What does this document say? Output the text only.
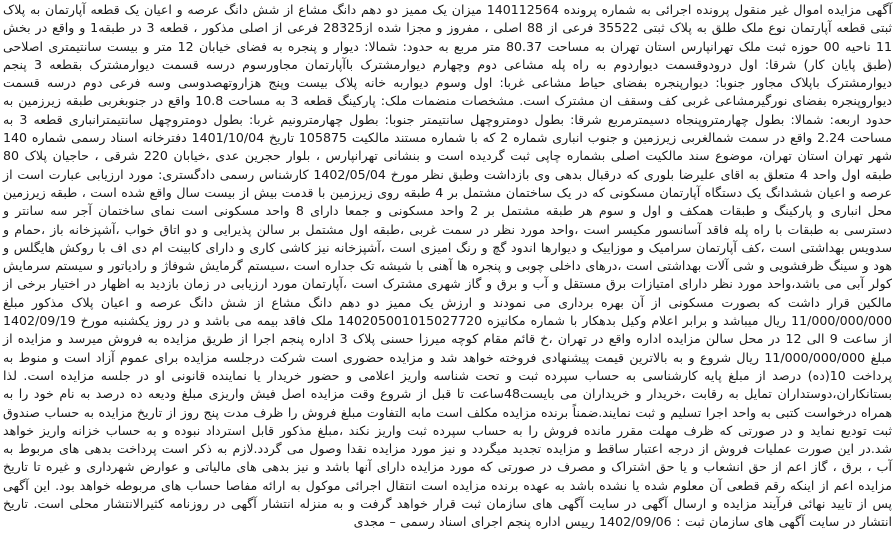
آگهی مزایده اموال غیر منقول پرونده اجرائی به شماره پرونده 140112564 میزان یک ممیز دو دهم دانگ مشاع از شش دانگ عرصه و اعیان یک قطعه آپارتمان به پلاک ثبتی قطعه آپارتمان نوع ملک طلق به پلاک ثبتی 35522 فرعی از 88 اصلی ، مفروز و مجزا شده از28325 فرعی از اصلی مذکور ، قطعه 3 در طبقه1 و واقع در بخش 11 ناحیه 00 حوزه ثبت ملک تهرانپارس استان تهران به مساحت 80.37 متر مربع به حدود: شمالا: دیوار و پنجره به فضای خیابان 12 متر و بیست سانتیمتری اصلاحی (طبق پایان کار) شرقا: اول درودوقسمت دیواردوم به راه پله مشاعی دوم وچهارم دیوارمشترک باآپارتمان مجاورسوم درسه قسمت دیوارمشترک بقطعه 3 پنجم دیوارمشترک باپلاک مجاور جنوبا: دیوارپنجره بفضای حیاط مشاعی غربا: اول وسوم دیواربه خانه پلاک بیست وپنج هزاروتهصدوسی وسه فرعی دوم درسه قسمت دیواروپنجره بفضای نورگیرمشاعی غربی کف وسقف ان مشترک است. مشخصات منضمات ملک: پارکینگ قطعه 3 به مساحت 10.8 واقع در جنوبغربی طبقه زیرزمین به حدود اربعه: شمالا: بطول چهارمتروپنجاه دسیمترمربع شرقا: بطول دومتروچهل سانتیمتر جنوبا: بطول چهارمترونیم غربا: بطول دومتروچهل سانتیمترانباری قطعه 3 به مساحت 2.24 واقع در سمت شمالغربی زیرزمین و جنوب انباری شماره 2 که با شماره مستند مالکیت 105875 تاریخ 1401/10/04 دفترخانه اسناد رسمی شماره 140 شهر تهران استان تهران، موضوع سند مالکیت اصلی بشماره چاپی ثبت گردیده است و بنشانی تهرانپارس ، بلوار حجرین عدی ،خیابان 220 شرقی ، حاجیان پلاک 80 طبقه اول واحد 4 متعلق به اقای علیرضا بلوری که درقبال بدهی وی بازداشت وطبق نظر مورخ 1402/05/04 کارشناس رسمی دادگستری: مورد ارزیابی عبارت است از عرصه و اعیان ششدانگ یک دستگاه آپارتمان مسکونی که در یک ساختمان مشتمل بر 4 طبقه روی زیرزمین با قدمت بیش از بیست سال واقع شده است ، طبقه زیرزمین محل انباری و پارکینگ و طبقات همکف و اول و سوم هر طبقه مشتمل بر 2 واحد مسکونی و جمعا دارای 8 واحد مسکونی است نمای ساختمان آجر سه سانتر و دسترسی به طبقات با راه پله فاقد آسانسور مکیسر است ،واحد مورد نظر در سمت غربی ،طبقه اول مشتمل بر سالن پذیرایی و دو اتاق خواب ،آشپزخانه باز ،حمام و سدویس بهداشتی است ،کف آپارتمان سرامیک و موزاییک و دیوارها اندود گچ و رنگ امیزی است ،آشپزخانه نیز کاشی کاری و دارای کابینت ام دی اف با روکش هایگلس و هود و سینگ ظرفشویی و شی آلات بهداشتی است ،درهای داخلی چوبی و پنجره ها آهنی با شیشه تک جداره است ،سیستم گرمایش شوفاژ و رادیاتور و سیستم سرمایش کولر آبی می باشد،واحد مورد نظر دارای امتیازات برق مستقل و آب و برق و گاز شهری مشترک است ،آپارتمان مورد ارزیابی در زمان بازدید به اظهار در اختیار برخی از مالکین قرار داشت که بصورت مسکونی از آن بهره برداری می نمودند و ارزش یک ممیز دو دهم دانگ مشاع از شش دانگ عرصه و اعیان پلاک مذکور مبلغ 11/000/000/000 ریال میباشد و برابر اعلام وکیل بدهکار با شماره مکانیزه 140205001015027720 ملک فاقد بیمه می باشد و در روز یکشنبه مورخ 1402/09/19 از ساعت 9 الی 12 در محل سالن مزایده اداره واقع در تهران ،خ قائم مقام کوچه میرزا حسنی پلاک 3 اداره پنجم اجرا از طریق مزایده به فروش میرسد و مزایده از مبلغ 11/000/000/000 ریال شروع و به بالاترین قیمت پیشنهادی فروخته خواهد شد و مزایده حضوری است شرکت درجلسه مزایده برای عموم آزاد است و منوط به پرداخت 10(ده) درصد از مبلغ پایه کارشناسی به حساب سپرده ثبت و تحت شناسه واریز اعلامی و حضور خریدار یا نماینده قانونی او در جلسه مزایده است. لذا بستانکاران،دوستداران تمایل به رقابت ،خریدار و خریداران می بایست48ساعت تا قبل از شروع وقت مزایده اصل فیش واریزی مبلغ ودیعه ده درصد به نام خود را به همراه درخواست کتبی به واحد اجرا تسلیم و ثبت نمایند.ضمناً برنده مزایده مکلف است مابه التفاوت مبلغ فروش را ظرف مدت پنج روز از تاریخ مزایده به حساب صندوق ثبت تودیع نماید و در صورتی که ظرف مهلت مقرر مانده فروش را به حساب سپرده ثبت واریز نکند ،مبلغ مذکور قابل استرداد نبوده و به حساب خزانه واریز خواهد شد.در این صورت عملیات فروش از درجه اعتبار ساقط و مزایده تجدید میگردد و نیز مورد مزایده نقدا وصول می گردد.لازم به ذکر است پرداخت بدهی های مربوط به آب ، برق ، گاز اعم از حق انشعاب و یا حق اشتراک و مصرف در صورتی که مورد مزایده دارای آنها باشد و نیز بدهی های مالیاتی و عوارض شهرداری و غیره تا تاریخ مزایده اعم از اینکه رقم قطعی آن معلوم شده یا نشده باشد به عهده برنده مزایده است انتقال اجرائی موکول به ارائه مفاصا حساب های مربوطه خواهد بود. این آگهی پس از تایید نهائی فرآیند مزایده و ارسال آگهی در سایت آگهی های سازمان ثبت قرار خواهد گرفت و به منزله انتشار آگهی در روزنامه کثیرالانتشار محلی است. تاریخ انتشار در سایت آگهی های سازمان ثبت : 1402/09/06 رییس اداره پنجم اجرای اسناد رسمی – مجدی
